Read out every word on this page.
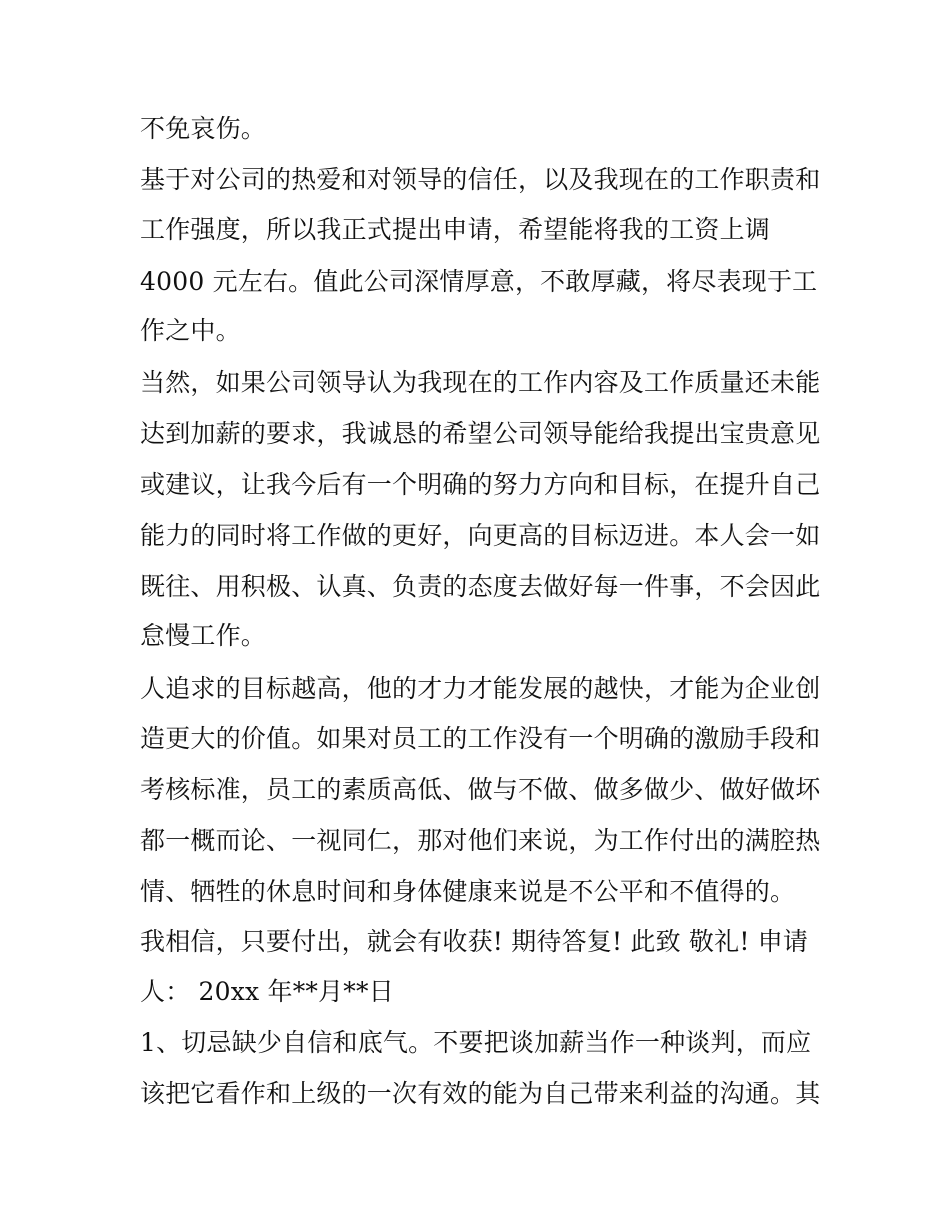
不免哀伤。
基于对公司的热爱和对领导的信任，以及我现在的工作职责和
工作强度，所以我正式提出申请，希望能将我的工资上调
4000 元左右。值此公司深情厚意，不敢厚藏，将尽表现于工
作之中。
当然，如果公司领导认为我现在的工作内容及工作质量还未能
达到加薪的要求，我诚恳的希望公司领导能给我提出宝贵意见
或建议，让我今后有一个明确的努力方向和目标，在提升自己
能力的同时将工作做的更好，向更高的目标迈进。本人会一如
既往、用积极、认真、负责的态度去做好每一件事，不会因此
怠慢工作。
人追求的目标越高，他的才力才能发展的越快，才能为企业创
造更大的价值。如果对员工的工作没有一个明确的激励手段和
考核标准，员工的素质高低、做与不做、做多做少、做好做坏
都一概而论、一视同仁，那对他们来说，为工作付出的满腔热
情、牺牲的休息时间和身体健康来说是不公平和不值得的。
我相信，只要付出，就会有收获! 期待答复! 此致 敬礼! 申请
人： 20xx 年**月**日
1、切忌缺少自信和底气。不要把谈加薪当作一种谈判，而应
该把它看作和上级的一次有效的能为自己带来利益的沟通。其
